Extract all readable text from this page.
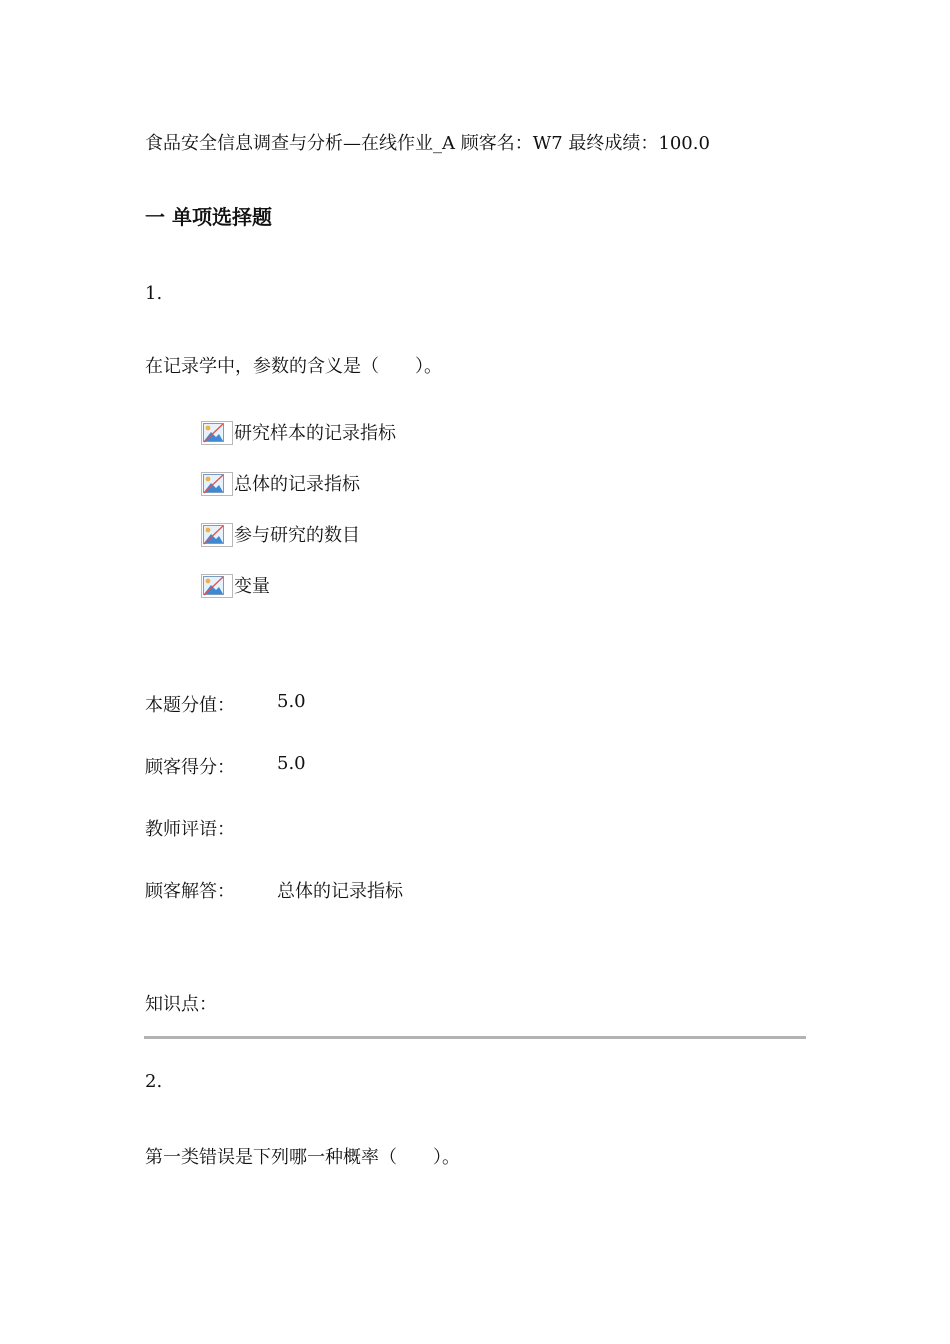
食品安全信息调查与分析—在线作业_A 顾客名：W7 最终成绩：100.0
一 单项选择题
1.
在记录学中，参数的含义是（　　）。
研究样本的记录指标
总体的记录指标
参与研究的数目
变量
本题分值： 5.0
顾客得分： 5.0
教师评语：
顾客解答： 总体的记录指标
知识点：
2.
第一类错误是下列哪一种概率（　　）。
